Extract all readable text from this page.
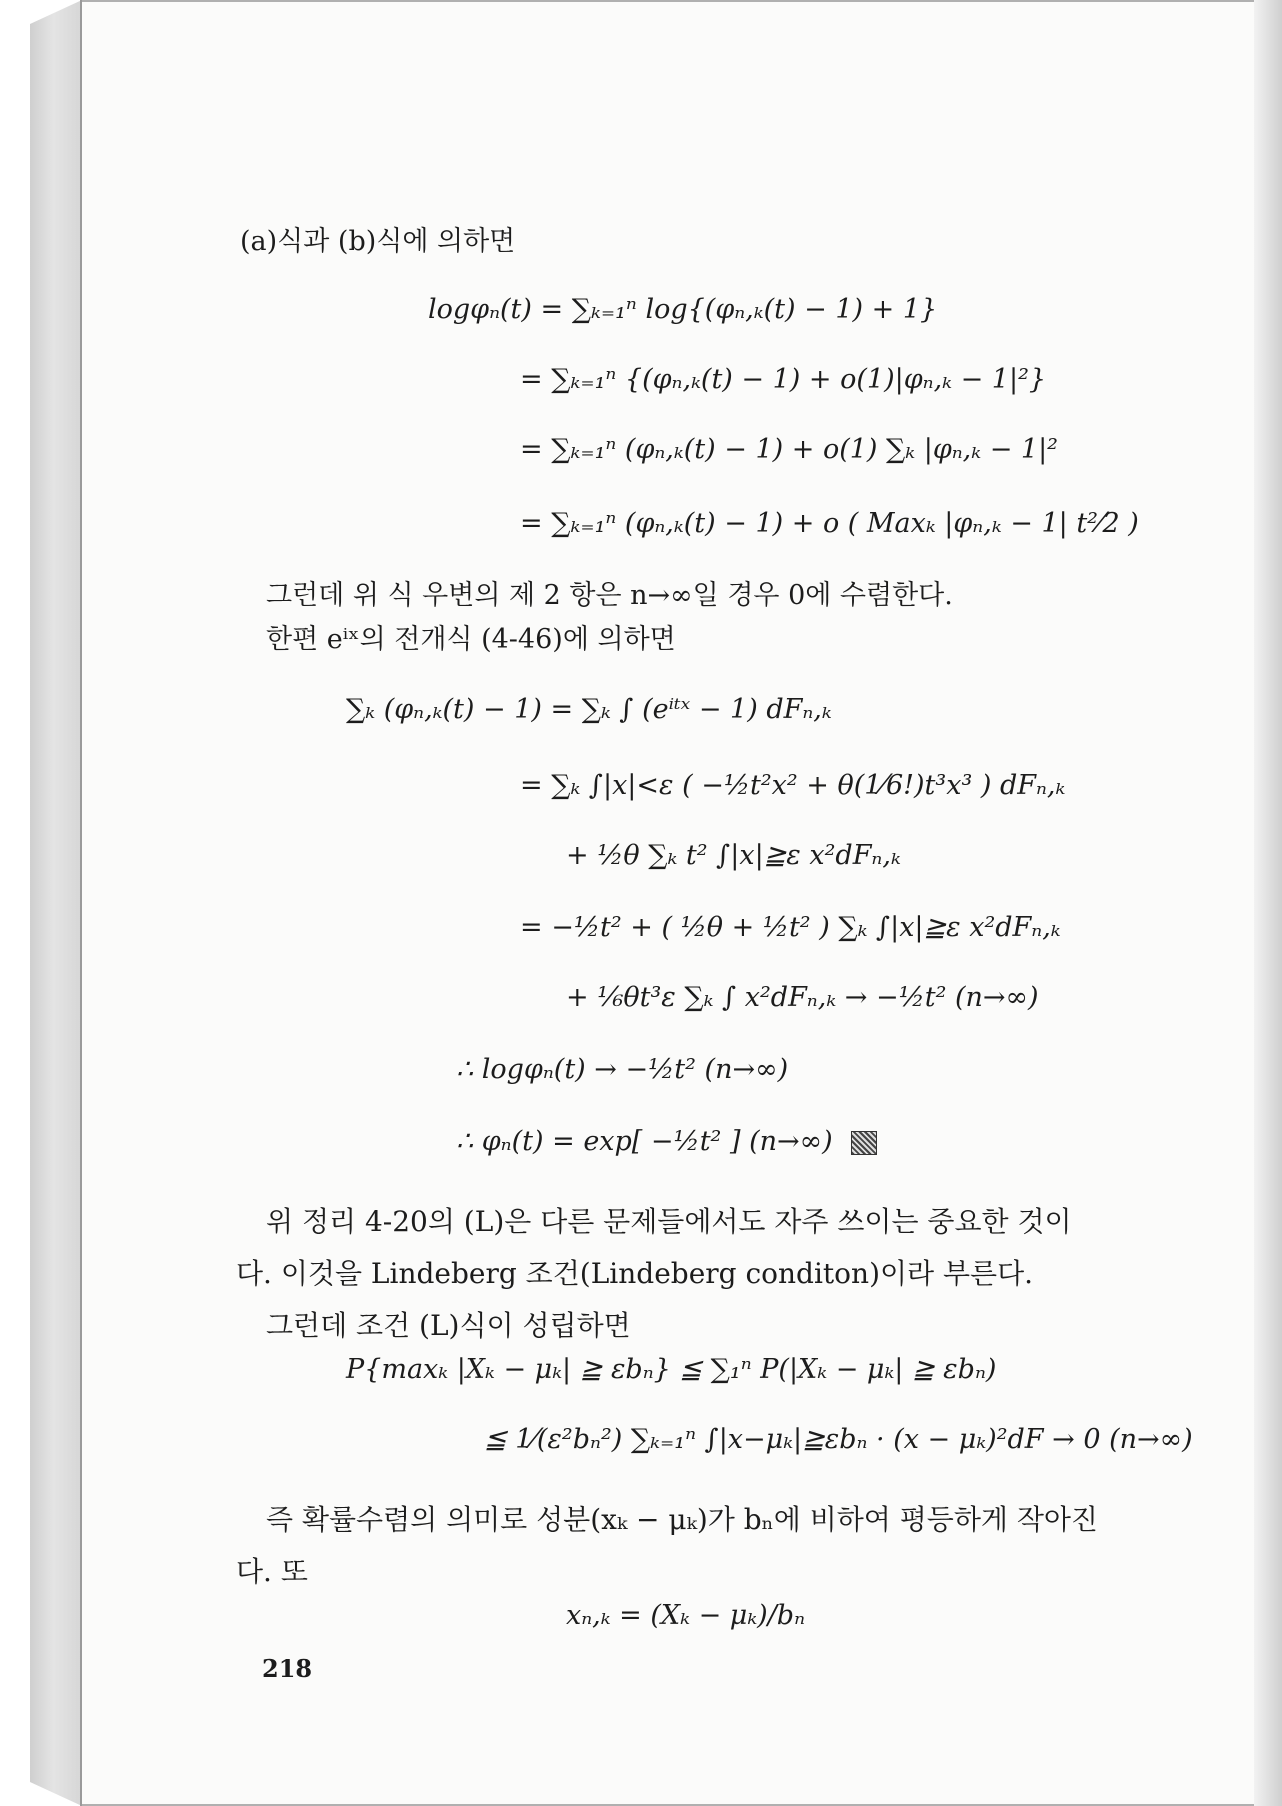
(a)식과 (b)식에 의하면
logφₙ(t) = ∑ₖ₌₁ⁿ log{(φₙ,ₖ(t) − 1) + 1}
= ∑ₖ₌₁ⁿ {(φₙ,ₖ(t) − 1) + o(1)|φₙ,ₖ − 1|²}
= ∑ₖ₌₁ⁿ (φₙ,ₖ(t) − 1) + o(1) ∑ₖ |φₙ,ₖ − 1|²
= ∑ₖ₌₁ⁿ (φₙ,ₖ(t) − 1) + o ( Maxₖ |φₙ,ₖ − 1| t²⁄2 )
그런데 위 식 우변의 제 2 항은 n→∞일 경우 0에 수렴한다.
한편 eⁱˣ의 전개식 (4-46)에 의하면
∑ₖ (φₙ,ₖ(t) − 1) = ∑ₖ ∫ (eⁱᵗˣ − 1) dFₙ,ₖ
= ∑ₖ ∫|x|<ε ( −½t²x² + θ(1⁄6!)t³x³ ) dFₙ,ₖ
+ ½θ ∑ₖ t² ∫|x|≧ε x²dFₙ,ₖ
= −½t² + ( ½θ + ½t² ) ∑ₖ ∫|x|≧ε x²dFₙ,ₖ
+ ⅙θt³ε ∑ₖ ∫ x²dFₙ,ₖ → −½t² (n→∞)
∴ logφₙ(t) → −½t² (n→∞)
∴ φₙ(t) = exp[ −½t² ] (n→∞)

위 정리 4-20의 (L)은 다른 문제들에서도 자주 쓰이는 중요한 것이

다. 이것을 Lindeberg 조건(Lindeberg conditon)이라 부른다.

그런데 조건 (L)식이 성립하면

P{maxₖ |Xₖ − μₖ| ≧ εbₙ} ≦ ∑₁ⁿ P(|Xₖ − μₖ| ≧ εbₙ)
≦ 1⁄(ε²bₙ²) ∑ₖ₌₁ⁿ ∫|x−μₖ|≧εbₙ · (x − μₖ)²dF → 0 (n→∞)

즉 확률수렴의 의미로 성분(xₖ − μₖ)가 bₙ에 비하여 평등하게 작아진

다. 또

xₙ,ₖ = (Xₖ − μₖ)/bₙ
218
